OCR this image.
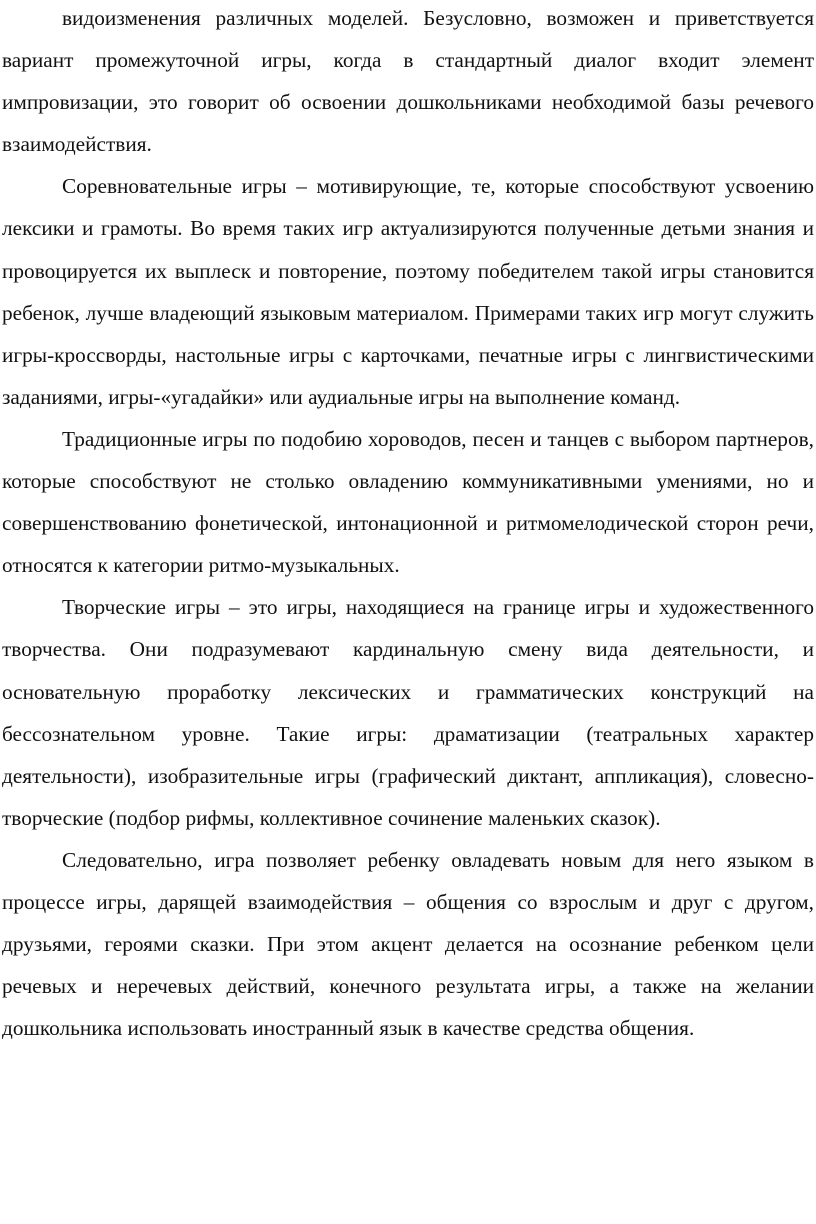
видоизменения различных моделей. Безусловно, возможен и приветствуется вариант промежуточной игры, когда в стандартный диалог входит элемент импровизации, это говорит об освоении дошкольниками необходимой базы речевого взаимодействия.

Соревновательные игры – мотивирующие, те, которые способствуют усвоению лексики и грамоты. Во время таких игр актуализируются полученные детьми знания и провоцируется их выплеск и повторение, поэтому победителем такой игры становится ребенок, лучше владеющий языковым материалом. Примерами таких игр могут служить игры-кроссворды, настольные игры с карточками, печатные игры с лингвистическими заданиями, игры-«угадайки» или аудиальные игры на выполнение команд.

Традиционные игры по подобию хороводов, песен и танцев с выбором партнеров, которые способствуют не столько овладению коммуникативными умениями, но и совершенствованию фонетической, интонационной и ритмомелодической сторон речи, относятся к категории ритмо-музыкальных.

Творческие игры – это игры, находящиеся на границе игры и художественного творчества. Они подразумевают кардинальную смену вида деятельности, и основательную проработку лексических и грамматических конструкций на бессознательном уровне. Такие игры: драматизации (театральных характер деятельности), изобразительные игры (графический диктант, аппликация), словесно-творческие (подбор рифмы, коллективное сочинение маленьких сказок).

Следовательно, игра позволяет ребенку овладевать новым для него языком в процессе игры, дарящей взаимодействия – общения со взрослым и друг с другом, друзьями, героями сказки. При этом акцент делается на осознание ребенком цели речевых и неречевых действий, конечного результата игры, а также на желании дошкольника использовать иностранный язык в качестве средства общения.
